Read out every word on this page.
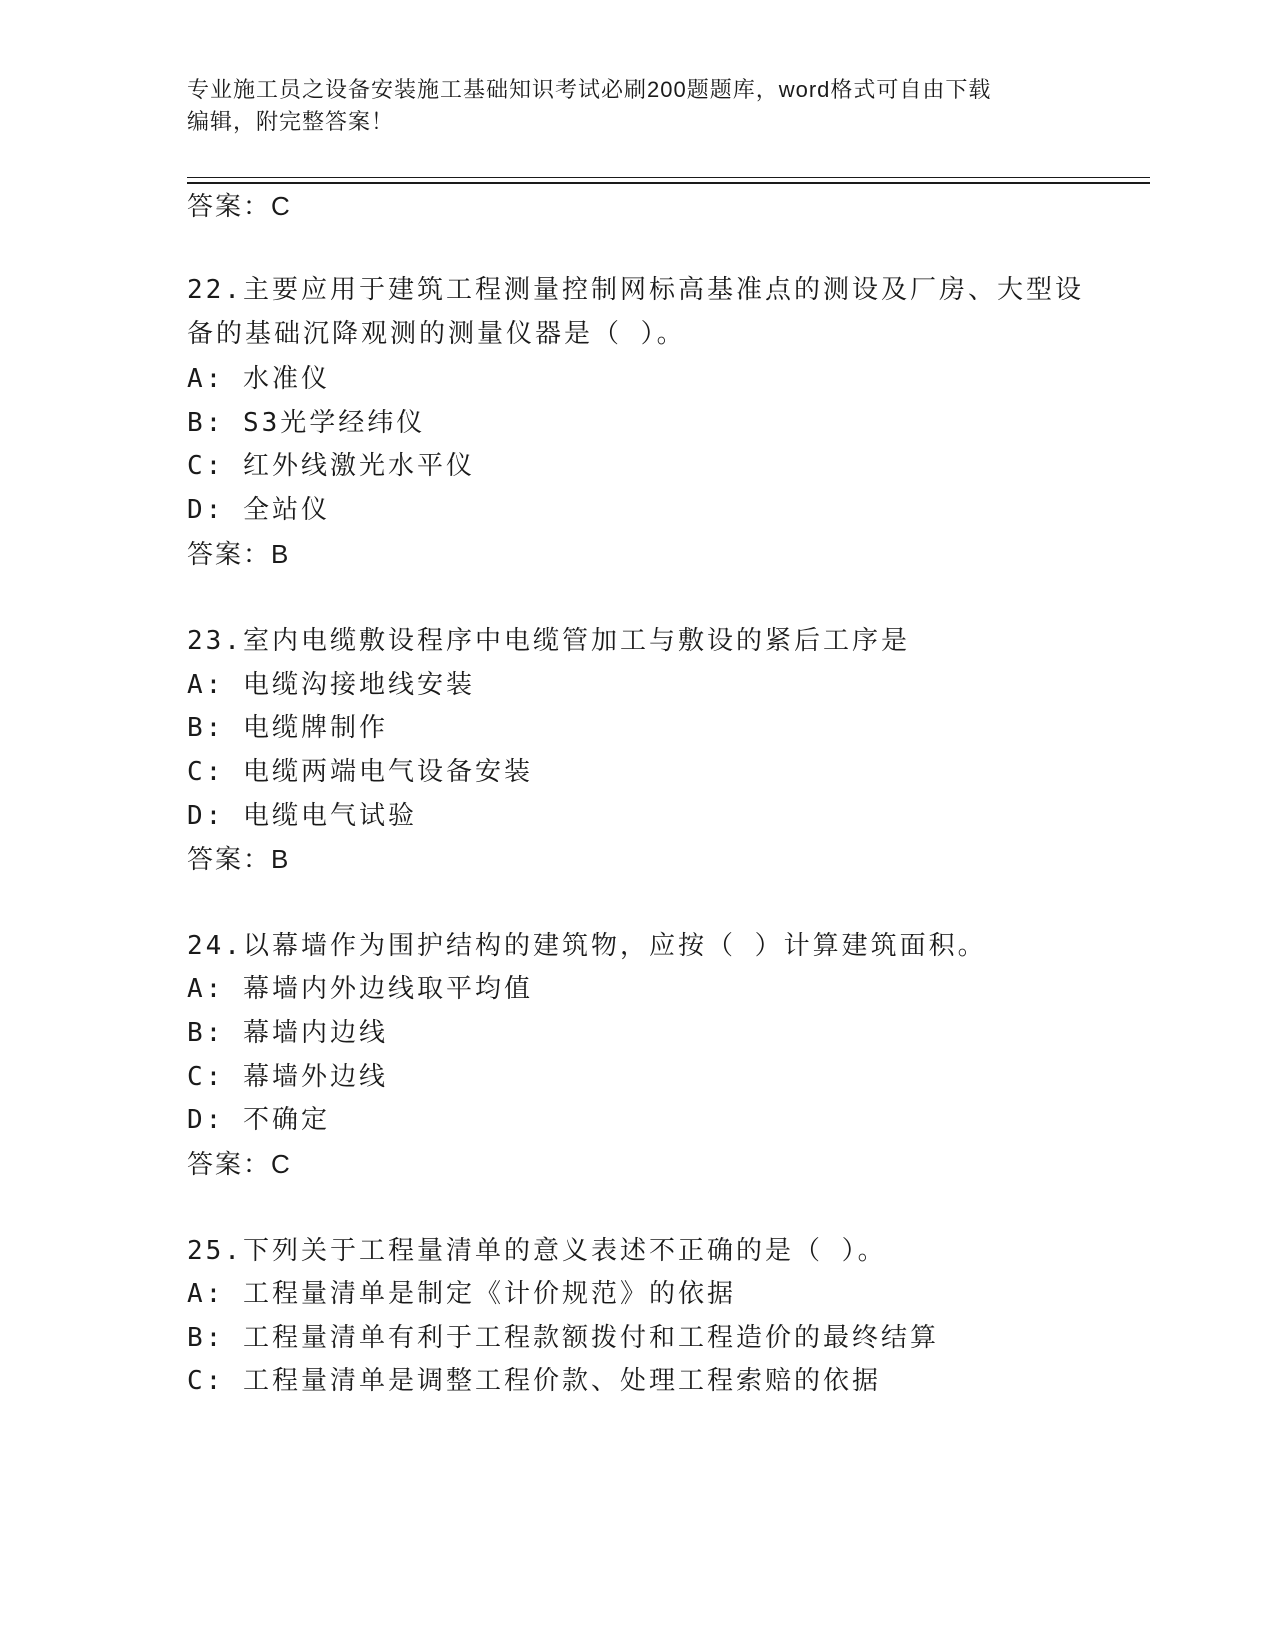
专业施工员之设备安装施工基础知识考试必刷200题题库，word格式可自由下载
编辑，附完整答案！
答案：C
22.主要应用于建筑工程测量控制网标高基准点的测设及厂房、大型设
备的基础沉降观测的测量仪器是（ ）。
A: 水准仪
B: S3光学经纬仪
C: 红外线激光水平仪
D: 全站仪
答案：B
23.室内电缆敷设程序中电缆管加工与敷设的紧后工序是
A: 电缆沟接地线安装
B: 电缆牌制作
C: 电缆两端电气设备安装
D: 电缆电气试验
答案：B
24.以幕墙作为围护结构的建筑物，应按（ ）计算建筑面积。
A: 幕墙内外边线取平均值
B: 幕墙内边线
C: 幕墙外边线
D: 不确定
答案：C
25.下列关于工程量清单的意义表述不正确的是（ ）。
A: 工程量清单是制定《计价规范》的依据
B: 工程量清单有利于工程款额拨付和工程造价的最终结算
C: 工程量清单是调整工程价款、处理工程索赔的依据
